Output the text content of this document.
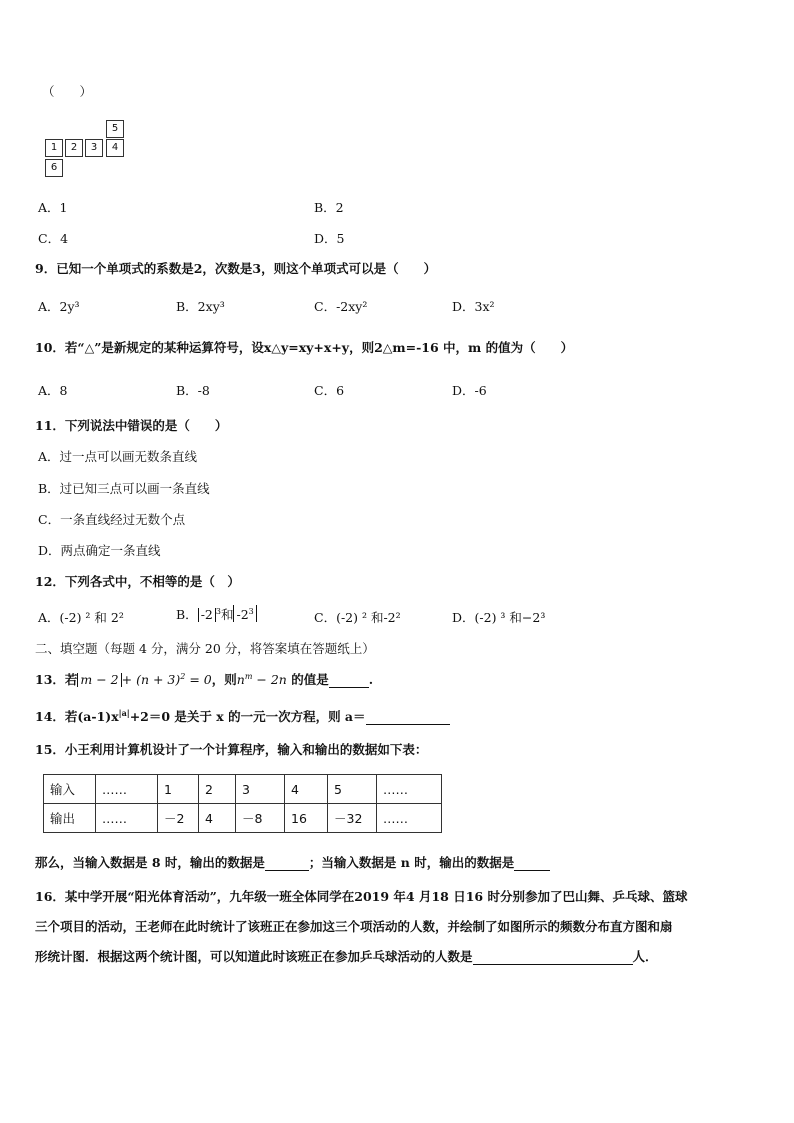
（　　）
5
1	2	3	4
6
A．1	B．2
C．4	D．5
9．已知一个单项式的系数是2，次数是3，则这个单项式可以是（　　）
A．2y³	B．2xy³	C．-2xy²	D．3x²
10．若“△”是新规定的某种运算符号，设x△y=xy+x+y，则2△m=-16 中，m 的值为（　　）
A．8	B．-8	C．6	D．-6
11．下列说法中错误的是（　　）
A．过一点可以画无数条直线
B．过已知三点可以画一条直线
C．一条直线经过无数个点
D．两点确定一条直线
12．下列各式中，不相等的是（　）
A．(-2) ² 和 2²	B． -2 $^3$和 $-2^3$	C．(-2) ² 和-2²	D．(-2) ³ 和−2³
二、填空题（每题 4 分，满分 20 分，将答案填在答题纸上）
13．若 $m - 2 + (n + 3)^2 = 0$，则$n^m - 2n$ 的值是	.
14．若$(a-1)x^{|a|}+2=0$ 是关于 x 的一元一次方程，则 a＝
15．小王利用计算机设计了一个计算程序，输入和输出的数据如下表：
输入	……	1	2	3	4	5	……
输出	……	－2	4	－8	16	－32	……
那么，当输入数据是 8 时，输出的数据是	；当输入数据是 n 时，输出的数据是
16．某中学开展“阳光体育活动”，九年级一班全体同学在2019 年4 月18 日16 时分别参加了巴山舞、乒乓球、篮球
三个项目的活动，王老师在此时统计了该班正在参加这三个项活动的人数，并绘制了如图所示的频数分布直方图和扇
形统计图．根据这两个统计图，可以知道此时该班正在参加乒乓球活动的人数是	人．
